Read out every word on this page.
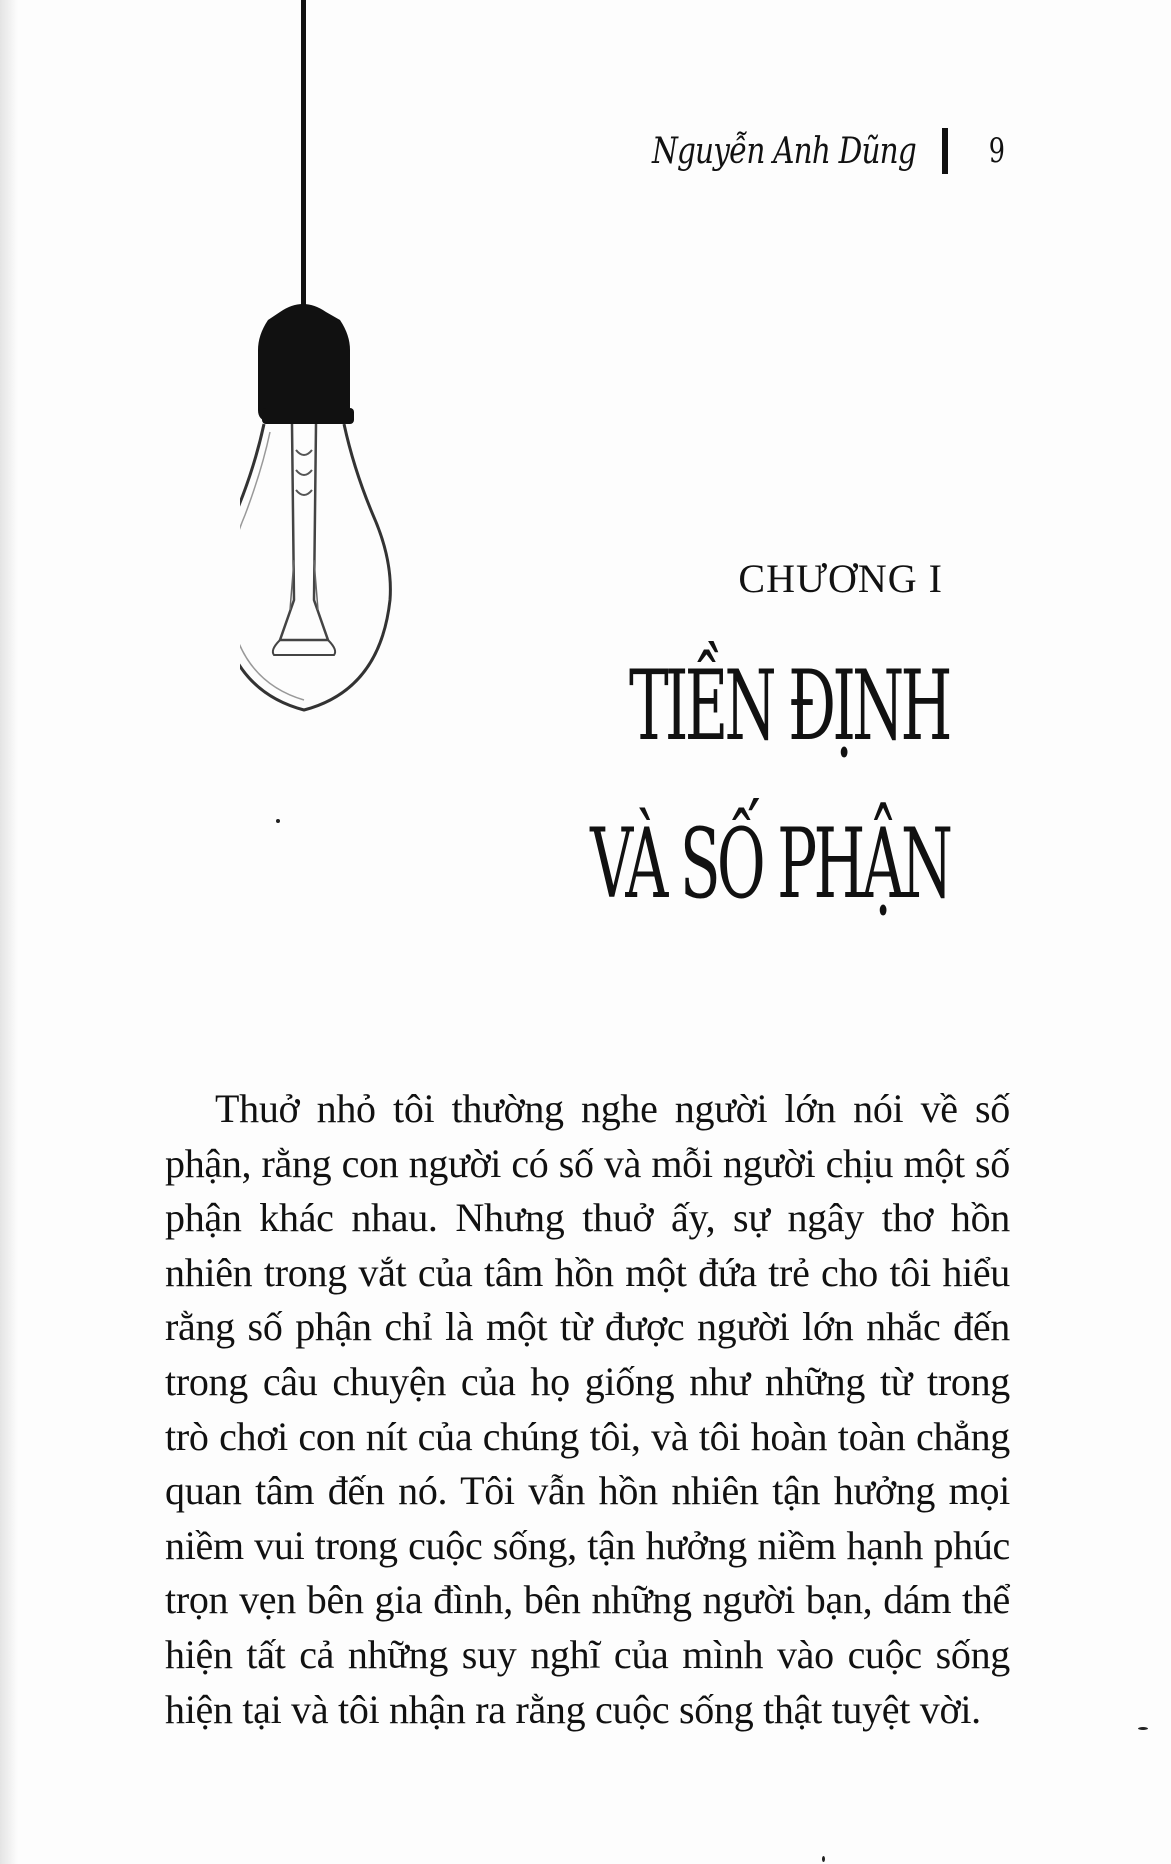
Nguyễn Anh Dũng 9
CHƯƠNG I
TIỀN ĐỊNH
VÀ SỐ PHẬN

Thuở nhỏ tôi thường nghe người lớn nói về số phận, rằng con người có số và mỗi người chịu một số phận khác nhau. Nhưng thuở ấy, sự ngây thơ hồn nhiên trong vắt của tâm hồn một đứa trẻ cho tôi hiểu rằng số phận chỉ là một từ được người lớn nhắc đến trong câu chuyện của họ giống như những từ trong trò chơi con nít của chúng tôi, và tôi hoàn toàn chẳng quan tâm đến nó. Tôi vẫn hồn nhiên tận hưởng mọi niềm vui trong cuộc sống, tận hưởng niềm hạnh phúc trọn vẹn bên gia đình, bên những người bạn, dám thể hiện tất cả những suy nghĩ của mình vào cuộc sống hiện tại và tôi nhận ra rằng cuộc sống thật tuyệt vời.
